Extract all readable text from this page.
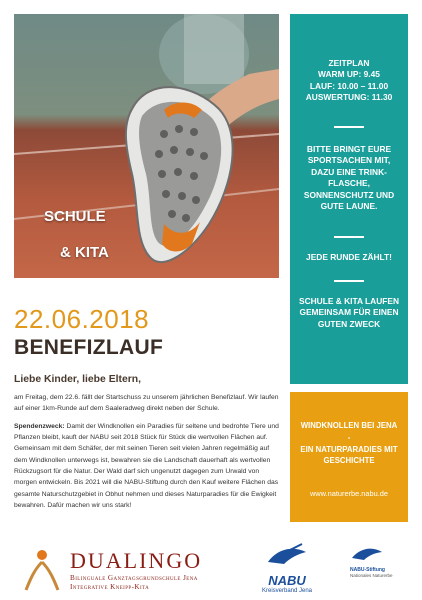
SCHULE
& KITA

ZEITPLAN

WARM UP: 9.45

LAUF: 10.00 – 11.00

AUSWERTUNG: 11.30

BITTE BRINGT EURE SPORTSACHEN MIT, DAZU EINE TRINK-FLASCHE, SONNENSCHUTZ UND GUTE LAUNE.

JEDE RUNDE ZÄHLT!

SCHULE & KITA LAUFEN GEMEINSAM FÜR EINEN GUTEN ZWECK

WINDKNOLLEN BEI JENA
-
EIN NATURPARADIES MIT GESCHICHTE
www.naturerbe.nabu.de
22.06.2018
BENEFIZLAUF
Liebe Kinder, liebe Eltern,

am Freitag, dem 22.6. fällt der Startschuss zu unserem jährlichen Benefizlauf. Wir laufen auf einer 1km-Runde auf dem Saaleradweg direkt neben der Schule.

Spendenzweck: Damit der Windknollen ein Paradies für seltene und bedrohte Tiere und Pflanzen bleibt, kauft der NABU seit 2018 Stück für Stück die wertvollen Flächen auf. Gemeinsam mit dem Schäfer, der mit seinen Tieren seit vielen Jahren regelmäßig auf dem Windknollen unterwegs ist, bewahren sie die Landschaft dauerhaft als wertvollen Rückzugsort für die Natur. Der Wald darf sich ungenutzt dagegen zum Urwald von morgen entwickeln. Bis 2021 will die NABU-Stiftung durch den Kauf weitere Flächen das gesamte Naturschutzgebiet in Obhut nehmen und dieses Naturparadies für die Ewigkeit bewahren. Dafür machen wir uns stark!

DUALINGO
Bilinguale Ganztagsgrundschule Jena
Integrative Kneipp-Kita	NABU
Kreisverband Jena
NABU-Stiftung
Nationales Naturerbe
